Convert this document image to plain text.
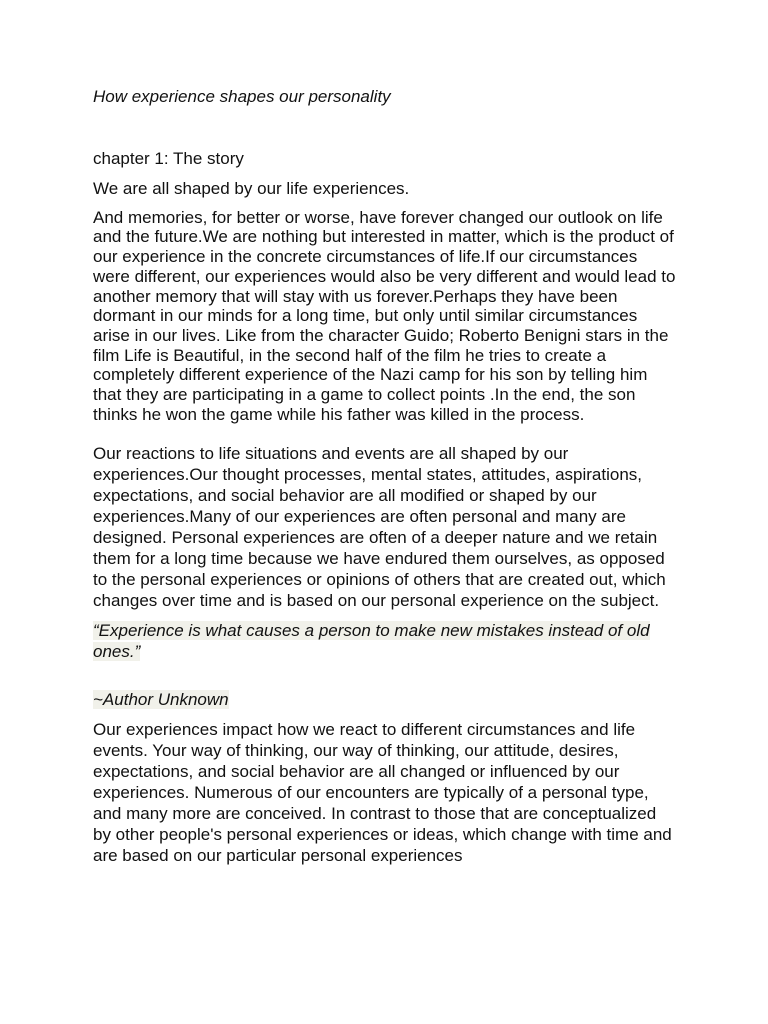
How experience shapes our personality
chapter 1: The story

We are all shaped by our life experiences.

And memories, for better or worse, have forever changed our outlook on life and the future.We are nothing but interested in matter, which is the product of our experience in the concrete circumstances of life.If our circumstances were different, our experiences would also be very different and would lead to another memory that will stay with us forever.Perhaps they have been dormant in our minds for a long time, but only until similar circumstances arise in our lives. Like from the character Guido; Roberto Benigni stars in the film Life is Beautiful, in the second half of the film he tries to create a completely different experience of the Nazi camp for his son by telling him that they are participating in a game to collect points .In the end, the son thinks he won the game while his father was killed in the process.

Our reactions to life situations and events are all shaped by our experiences.Our thought processes, mental states, attitudes, aspirations, expectations, and social behavior are all modified or shaped by our experiences.Many of our experiences are often personal and many are designed. Personal experiences are often of a deeper nature and we retain them for a long time because we have endured them ourselves, as opposed to the personal experiences or opinions of others that are created out, which changes over time and is based on our personal experience on the subject.

“Experience is what causes a person to make new mistakes instead of old ones.”

~Author Unknown

Our experiences impact how we react to different circumstances and life events. Your way of thinking, our way of thinking, our attitude, desires, expectations, and social behavior are all changed or influenced by our experiences. Numerous of our encounters are typically of a personal type, and many more are conceived. In contrast to those that are conceptualized by other people's personal experiences or ideas, which change with time and are based on our particular personal experiences
